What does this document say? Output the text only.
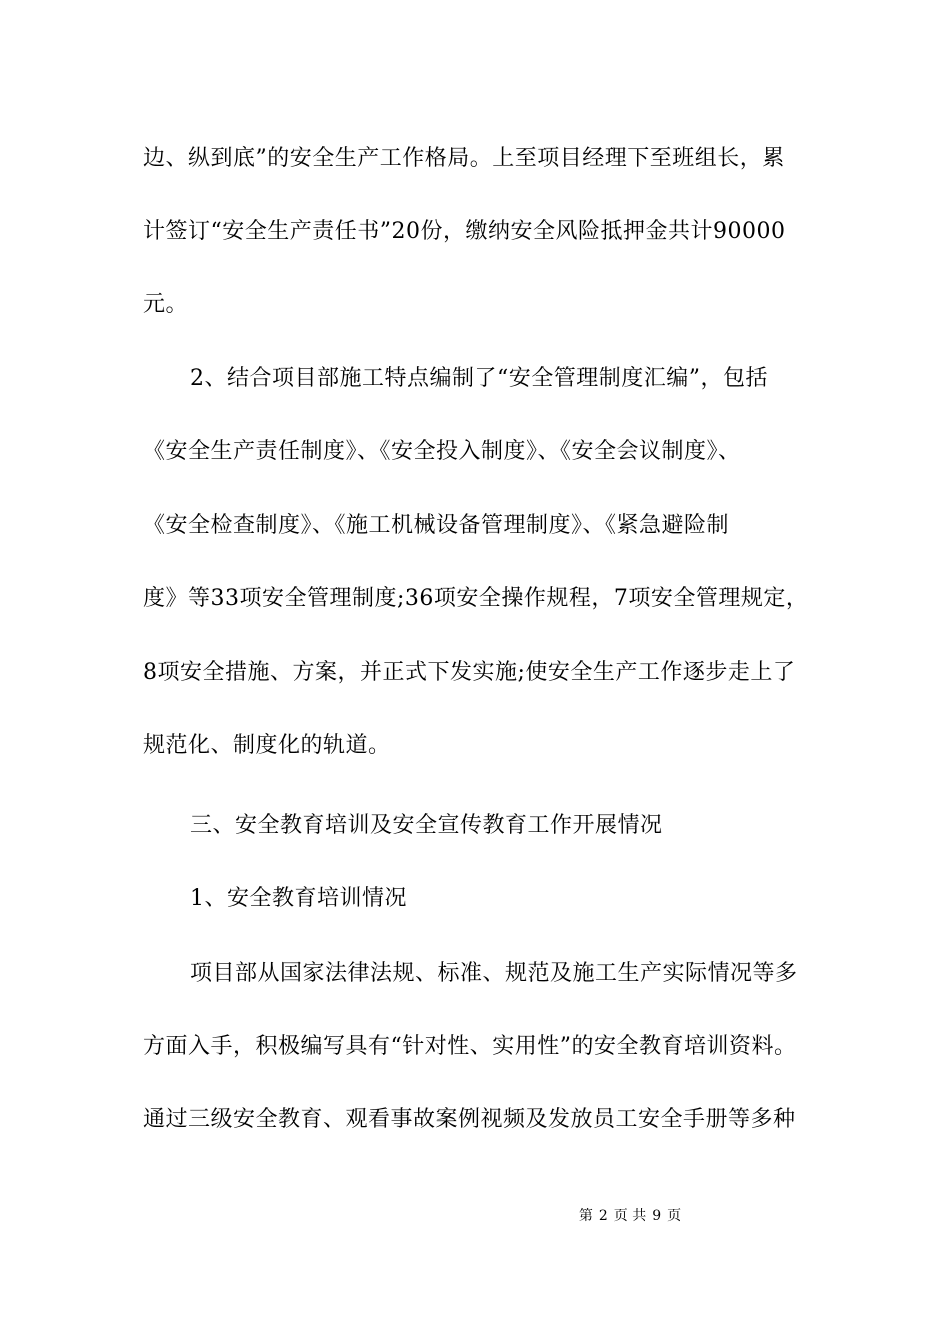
边、纵到底”的安全生产工作格局。上至项目经理下至班组长，累
计签订“安全生产责任书”20份，缴纳安全风险抵押金共计90000
元。
2、结合项目部施工特点编制了“安全管理制度汇编”，包括
《安全生产责任制度》、《安全投入制度》、《安全会议制度》、
《安全检查制度》、《施工机械设备管理制度》、《紧急避险制
度》等33项安全管理制度;36项安全操作规程，7项安全管理规定，
8项安全措施、方案，并正式下发实施;使安全生产工作逐步走上了
规范化、制度化的轨道。
三、安全教育培训及安全宣传教育工作开展情况
1、安全教育培训情况
项目部从国家法律法规、标准、规范及施工生产实际情况等多
方面入手，积极编写具有“针对性、实用性”的安全教育培训资料。
通过三级安全教育、观看事故案例视频及发放员工安全手册等多种
第 2 页 共 9 页
